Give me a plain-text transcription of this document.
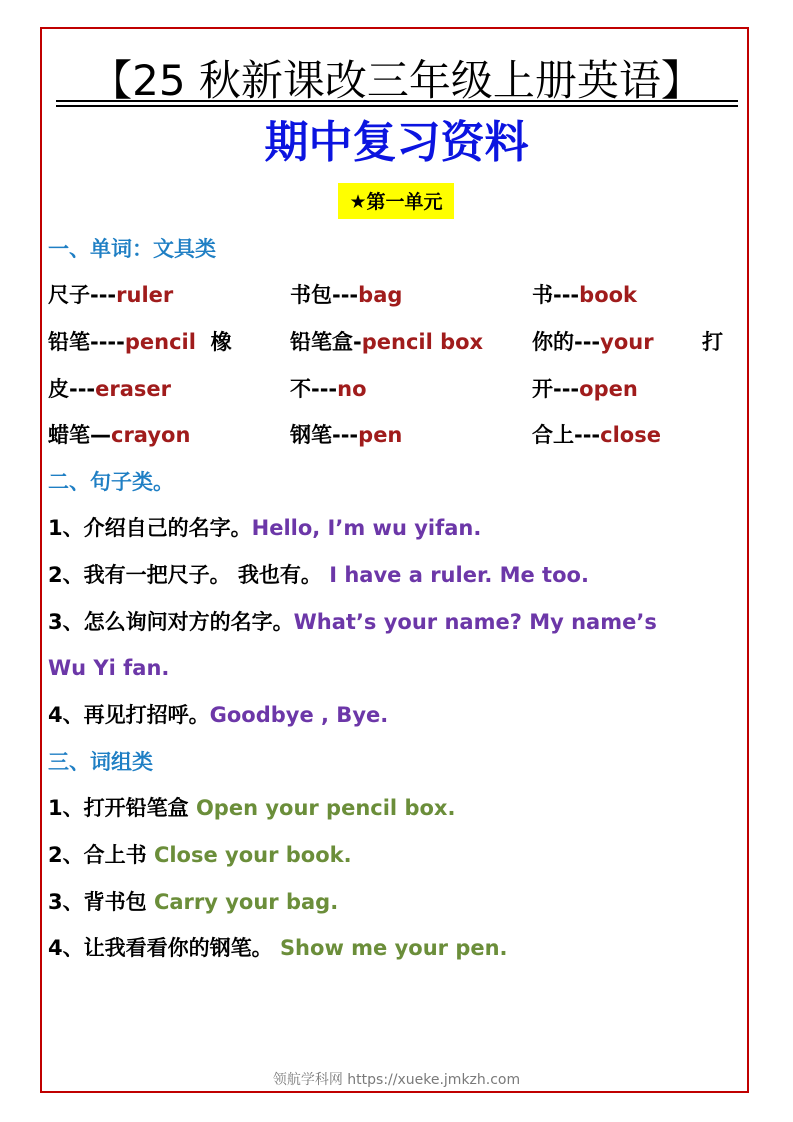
【25 秋新课改三年级上册英语】
期中复习资料
★第一单元
一、单词：文具类
尺子---ruler	书包---bag	书---book
铅笔----pencil  橡	铅笔盒-pencil box 你的---your 打
皮---eraser	不---no	开---open
蜡笔—crayon	钢笔---pen	合上---close
二、句子类。
1、介绍自己的名字。Hello, I’m wu yifan.
2、我有一把尺子。 我也有。 I have a ruler. Me too.
3、怎么询问对方的名字。What’s your name? My name’s
Wu Yi fan.
4、再见打招呼。Goodbye , Bye.
三、词组类
1、打开铅笔盒 Open your pencil box.
2、合上书 Close your book.
3、背书包 Carry your bag.
4、让我看看你的钢笔。 Show me your pen.
领航学科网 https://xueke.jmkzh.com
